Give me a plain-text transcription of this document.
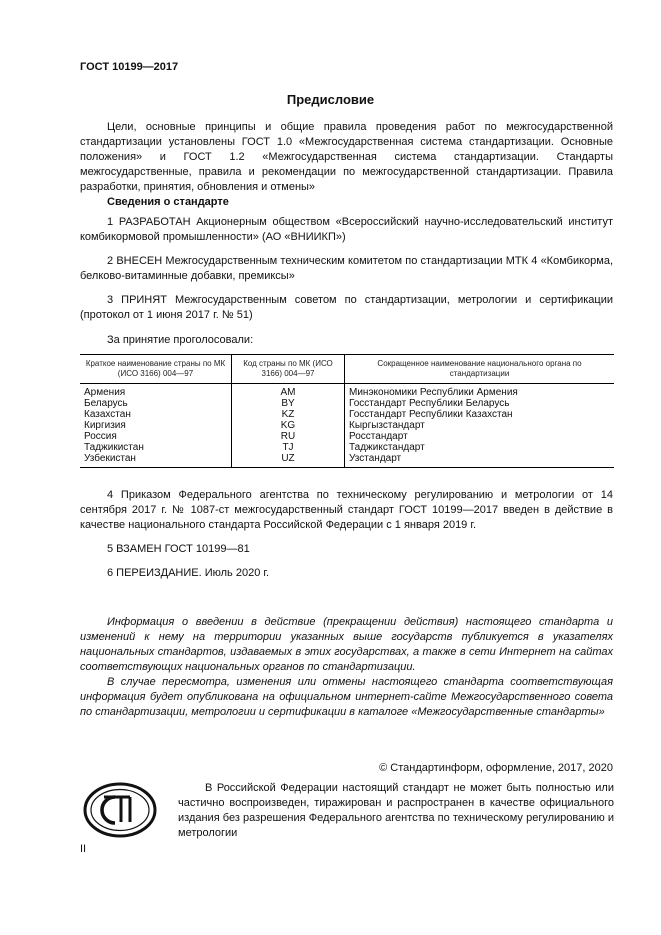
ГОСТ 10199—2017
Предисловие
Цели, основные принципы и общие правила проведения работ по межгосударственной стандартизации установлены ГОСТ 1.0 «Межгосударственная система стандартизации. Основные положения» и ГОСТ 1.2 «Межгосударственная система стандартизации. Стандарты межгосударственные, правила и рекомендации по межгосударственной стандартизации. Правила разработки, принятия, обновления и отмены»
Сведения о стандарте
1 РАЗРАБОТАН Акционерным обществом «Всероссийский научно-исследовательский институт комбикормовой промышленности» (АО «ВНИИКП»)
2 ВНЕСЕН Межгосударственным техническим комитетом по стандартизации МТК 4 «Комбикорма, белково-витаминные добавки, премиксы»
3 ПРИНЯТ Межгосударственным советом по стандартизации, метрологии и сертификации (протокол от 1 июня 2017 г. № 51)
За принятие проголосовали:
Краткое наименование страны по МК (ИСО 3166) 004—97	Код страны по МК (ИСО 3166) 004—97	Сокращенное наименование национального органа по стандартизации
Армения	AM	Минэкономики Республики Армения
Беларусь	BY	Госстандарт Республики Беларусь
Казахстан	KZ	Госстандарт Республики Казахстан
Киргизия	KG	Кыргызстандарт
Россия	RU	Росстандарт
Таджикистан	TJ	Таджикстандарт
Узбекистан	UZ	Узстандарт
4 Приказом Федерального агентства по техническому регулированию и метрологии от 14 сентября 2017 г. № 1087-ст межгосударственный стандарт ГОСТ 10199—2017 введен в действие в качестве национального стандарта Российской Федерации с 1 января 2019 г.
5 ВЗАМЕН ГОСТ 10199—81
6 ПЕРЕИЗДАНИЕ. Июль 2020 г.
Информация о введении в действие (прекращении действия) настоящего стандарта и изменений к нему на территории указанных выше государств публикуется в указателях национальных стандартов, издаваемых в этих государствах, а также в сети Интернет на сайтах соответствующих национальных органов по стандартизации.
В случае пересмотра, изменения или отмены настоящего стандарта соответствующая информация будет опубликована на официальном интернет-сайте Межгосударственного совета по стандартизации, метрологии и сертификации в каталоге «Межгосударственные стандарты»
© Стандартинформ, оформление, 2017, 2020
В Российской Федерации настоящий стандарт не может быть полностью или частично воспроизведен, тиражирован и распространен в качестве официального издания без разрешения Федерального агентства по техническому регулированию и метрологии
II
